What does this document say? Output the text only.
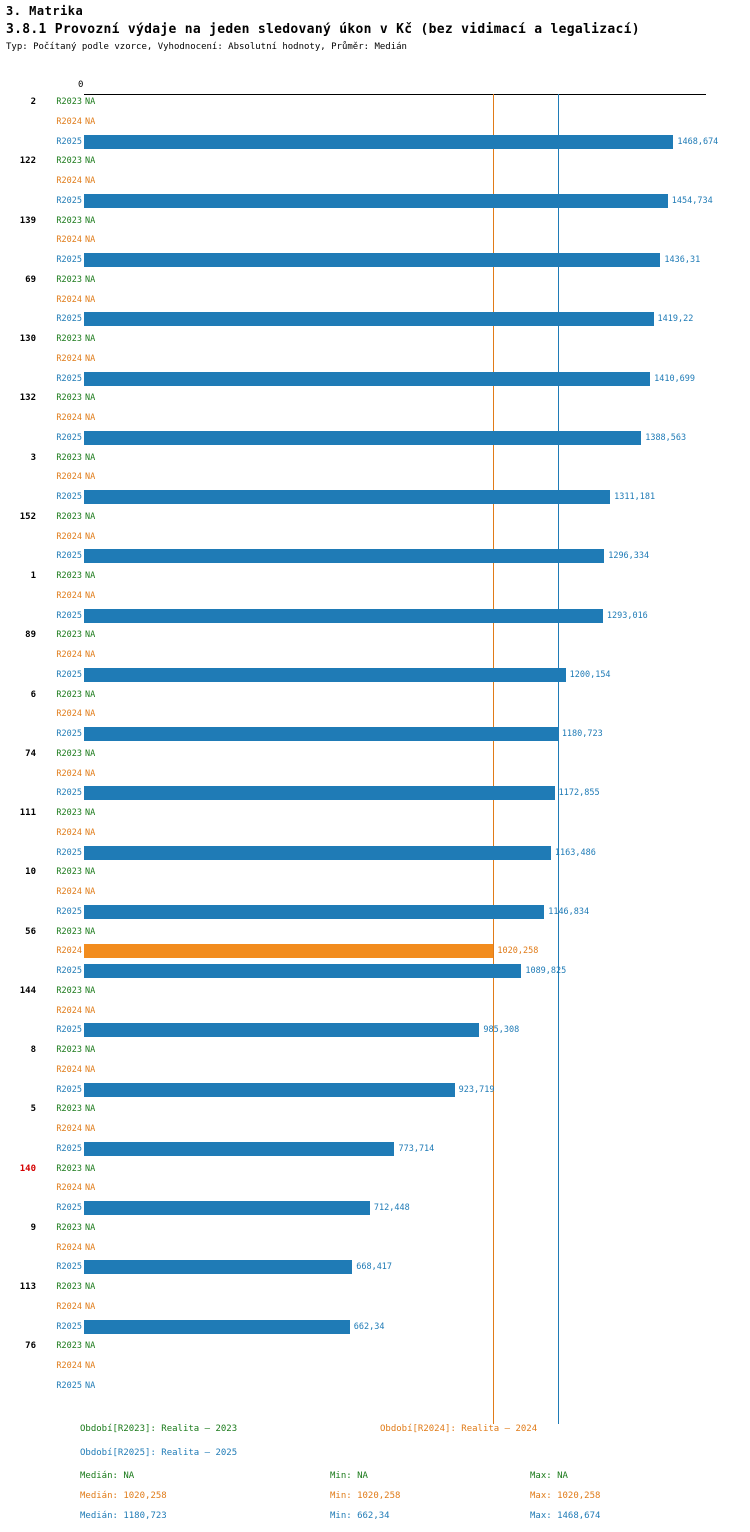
3. Matrika
3.8.1 Provozní výdaje na jeden sledovaný úkon v Kč (bez vidimací a legalizací)
Typ: Počítaný podle vzorce, Vyhodnocení: Absolutní hodnoty, Průměr: Medián
0
2 R2023 NA
R2024 NA
R2025	1468,674
122 R2023 NA
R2024 NA
R2025	1454,734
139 R2023 NA
R2024 NA
R2025	1436,31
69 R2023 NA
R2024 NA
R2025	1419,22
130 R2023 NA
R2024 NA
R2025	1410,699
132 R2023 NA
R2024 NA
R2025	1388,563
3 R2023 NA
R2024 NA
R2025	1311,181
152 R2023 NA
R2024 NA
R2025	1296,334
1 R2023 NA
R2024 NA
R2025	1293,016
89 R2023 NA
R2024 NA
R2025	1200,154
6 R2023 NA
R2024 NA
R2025	1180,723
74 R2023 NA
R2024 NA
R2025	1172,855
111 R2023 NA
R2024 NA
R2025	1163,486
10 R2023 NA
R2024 NA
R2025	1146,834
56 R2023 NA
R2024	1020,258
R2025	1089,825
144 R2023 NA
R2024 NA
R2025	985,308
8 R2023 NA
R2024 NA
R2025	923,719
5 R2023 NA
R2024 NA
R2025	773,714
140 R2023 NA
R2024 NA
R2025	712,448
9 R2023 NA
R2024 NA
R2025	668,417
113 R2023 NA
R2024 NA
R2025	662,34
76 R2023 NA
R2024 NA
R2025 NA
Období[R2023]: Realita – 2023	Období[R2024]: Realita – 2024
Období[R2025]: Realita – 2025
Medián: NA	Min: NA	Max: NA
Medián: 1020,258	Min: 1020,258	Max: 1020,258
Medián: 1180,723	Min: 662,34	Max: 1468,674
